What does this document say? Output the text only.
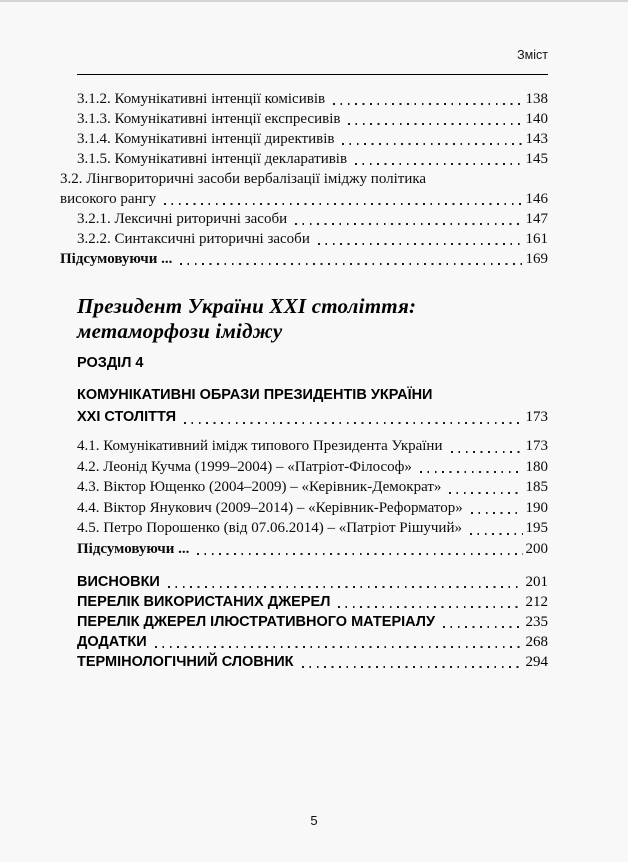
Зміст
3.1.2. Комунікативні інтенції комісивів	138
3.1.3. Комунікативні інтенції експресивів	140
3.1.4. Комунікативні інтенції директивів	143
3.1.5. Комунікативні інтенції декларативів	145
3.2. Лінгвориторичні засоби вербалізації іміджу політика
високого рангу	146
3.2.1. Лексичні риторичні засоби	147
3.2.2. Синтаксичні риторичні засоби	161
Підсумовуючи ...	169
Президент України ХХІ століття:
метаморфози іміджу
РОЗДІЛ 4
КОМУНІКАТИВНІ ОБРАЗИ ПРЕЗИДЕНТІВ УКРАЇНИ
ХХІ СТОЛІТТЯ	173
4.1. Комунікативний імідж типового Президента України	173
4.2. Леонід Кучма (1999–2004) – «Патріот-Філософ»	180
4.3. Віктор Ющенко (2004–2009) – «Керівник-Демократ»	185
4.4. Віктор Янукович (2009–2014) – «Керівник-Реформатор»	190
4.5. Петро Порошенко (від 07.06.2014) – «Патріот Рішучий»	195
Підсумовуючи ...	200
ВИСНОВКИ	201
ПЕРЕЛІК ВИКОРИСТАНИХ ДЖЕРЕЛ	212
ПЕРЕЛІК ДЖЕРЕЛ ІЛЮСТРАТИВНОГО МАТЕРІАЛУ	235
ДОДАТКИ	268
ТЕРМІНОЛОГІЧНИЙ СЛОВНИК	294
5
